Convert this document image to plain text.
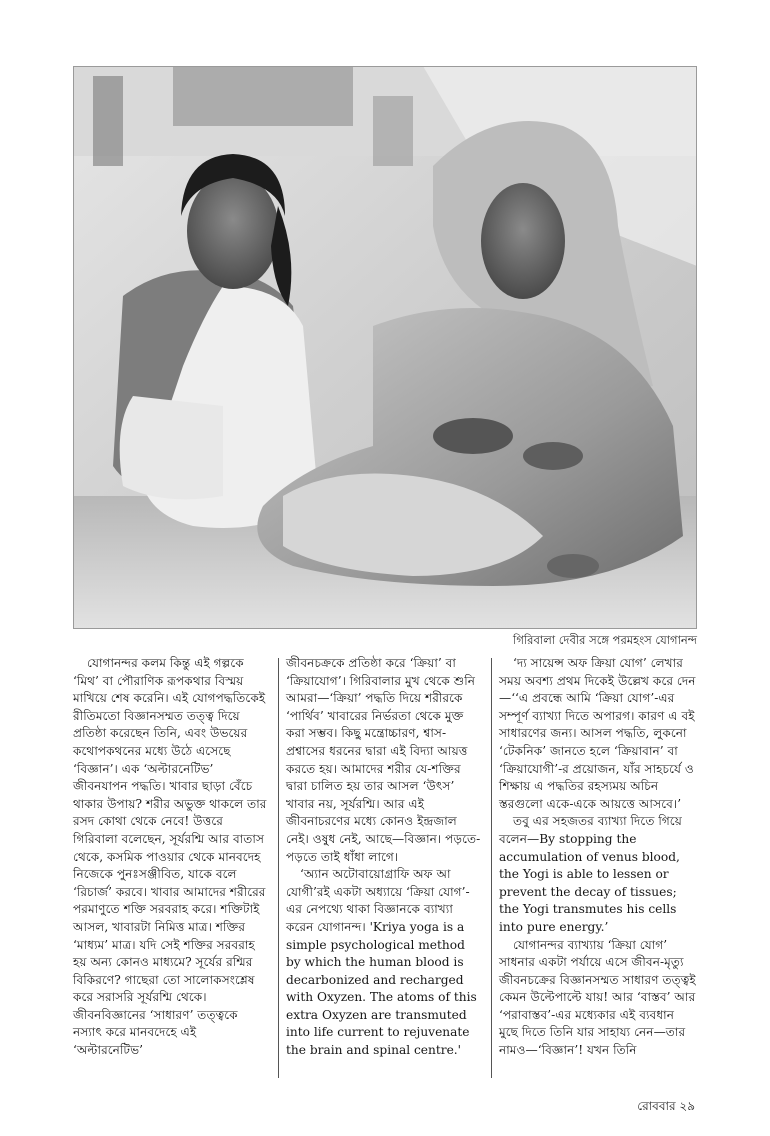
গিরিবালা দেবীর সঙ্গে পরমহংস যোগানন্দ

যোগানন্দর কলম কিন্তু এই গল্পকে ‘মিথ’ বা পৌরাণিক রূপকথার বিস্ময় মাখিয়ে শেষ করেনি। এই যোগপদ্ধতিকেই রীতিমতো বিজ্ঞানসম্মত তত্ত্ব দিয়ে প্রতিষ্ঠা করেছেন তিনি, এবং উভয়ের কথোপকথনের মধ্যে উঠে এসেছে ‘বিজ্ঞান’। এক ‘অল্টারনেটিভ’ জীবনযাপন পদ্ধতি। খাবার ছাড়া বেঁচে থাকার উপায়? শরীর অভুক্ত থাকলে তার রসদ কোথা থেকে নেবে! উত্তরে গিরিবালা বলেছেন, সূর্যরশ্মি আর বাতাস থেকে, কসমিক পাওয়ার থেকে মানবদেহ নিজেকে পুনঃসঞ্জীবিত, যাকে বলে ‘রিচার্জ’ করবে। খাবার আমাদের শরীরের পরমাণুতে শক্তি সরবরাহ করে। শক্তিটাই আসল, খাবারটা নিমিত্ত মাত্র। শক্তির ‘মাধ্যম’ মাত্র। যদি সেই শক্তির সরবরাহ হয় অন্য কোনও মাধ্যমে? সূর্যের রশ্মির বিকিরণে? গাছেরা তো সালোকসংশ্লেষ করে সরাসরি সূর্যরশ্মি থেকে। জীবনবিজ্ঞানের ‘সাধারণ’ তত্ত্বকে নস্যাৎ করে মানবদেহে এই ‘অল্টারনেটিভ’

জীবনচক্রকে প্রতিষ্ঠা করে ‘ক্রিয়া’ বা ‘ক্রিয়াযোগ’। গিরিবালার মুখ থেকে শুনি আমরা—‘ক্রিয়া’ পদ্ধতি দিয়ে শরীরকে ‘পার্থিব’ খাবারের নির্ভরতা থেকে মুক্ত করা সম্ভব। কিছু মন্ত্রোচ্চারণ, শ্বাস-প্রশ্বাসের ধরনের দ্বারা এই বিদ্যা আয়ত্ত করতে হয়। আমাদের শরীর যে-শক্তির দ্বারা চালিত হয় তার আসল ‘উৎস’ খাবার নয়, সূর্যরশ্মি। আর এই জীবনাচরণের মধ্যে কোনও ইন্দ্রজাল নেই। ওষুধ নেই, আছে—বিজ্ঞান। পড়তে-পড়তে তাই ধাঁধা লাগে।

‘অ্যান অটোবায়োগ্রাফি অফ আ যোগী’রই একটা অধ্যায়ে ‘ক্রিয়া যোগ’-এর নেপথ্যে থাকা বিজ্ঞানকে ব্যাখ্যা করেন যোগানন্দ। 'Kriya yoga is a simple psychological method by which the human blood is decarbonized and recharged with Oxyzen. The atoms of this extra Oxyzen are transmuted into life current to rejuvenate the brain and spinal centre.'

‘দ্য সায়েন্স অফ ক্রিয়া যোগ’ লেখার সময় অবশ্য প্রথম দিকেই উল্লেখ করে দেন—‘‘এ প্রবন্ধে আমি ‘ক্রিয়া যোগ’-এর সম্পূর্ণ ব্যাখ্যা দিতে অপারগ। কারণ এ বই সাধারণের জন্য। আসল পদ্ধতি, লুকনো ‘টেকনিক’ জানতে হলে ‘ক্রিয়াবান’ বা ‘ক্রিয়াযোগী’-র প্রয়োজন, যাঁর সাহচর্যে ও শিক্ষায় এ পদ্ধতির রহস্যময় অচিন স্তরগুলো একে-একে আয়ত্তে আসবে।’

তবু এর সহজতর ব্যাখ্যা দিতে গিয়ে বলেন—By stopping the accumulation of venus blood, the Yogi is able to lessen or prevent the decay of tissues; the Yogi transmutes his cells into pure energy.’

যোগানন্দর ব্যাখ্যায় ‘ক্রিয়া যোগ’ সাধনার একটা পর্যায়ে এসে জীবন-মৃত্যু জীবনচক্রের বিজ্ঞানসম্মত সাধারণ তত্ত্বই কেমন উল্টেপাল্টে যায়! আর ‘বাস্তব’ আর ‘পরাবাস্তব’-এর মধ্যেকার এই ব্যবধান মুছে দিতে তিনি যার সাহায্য নেন—তার নামও—‘বিজ্ঞান’! যখন তিনি

রোববার ২৯
